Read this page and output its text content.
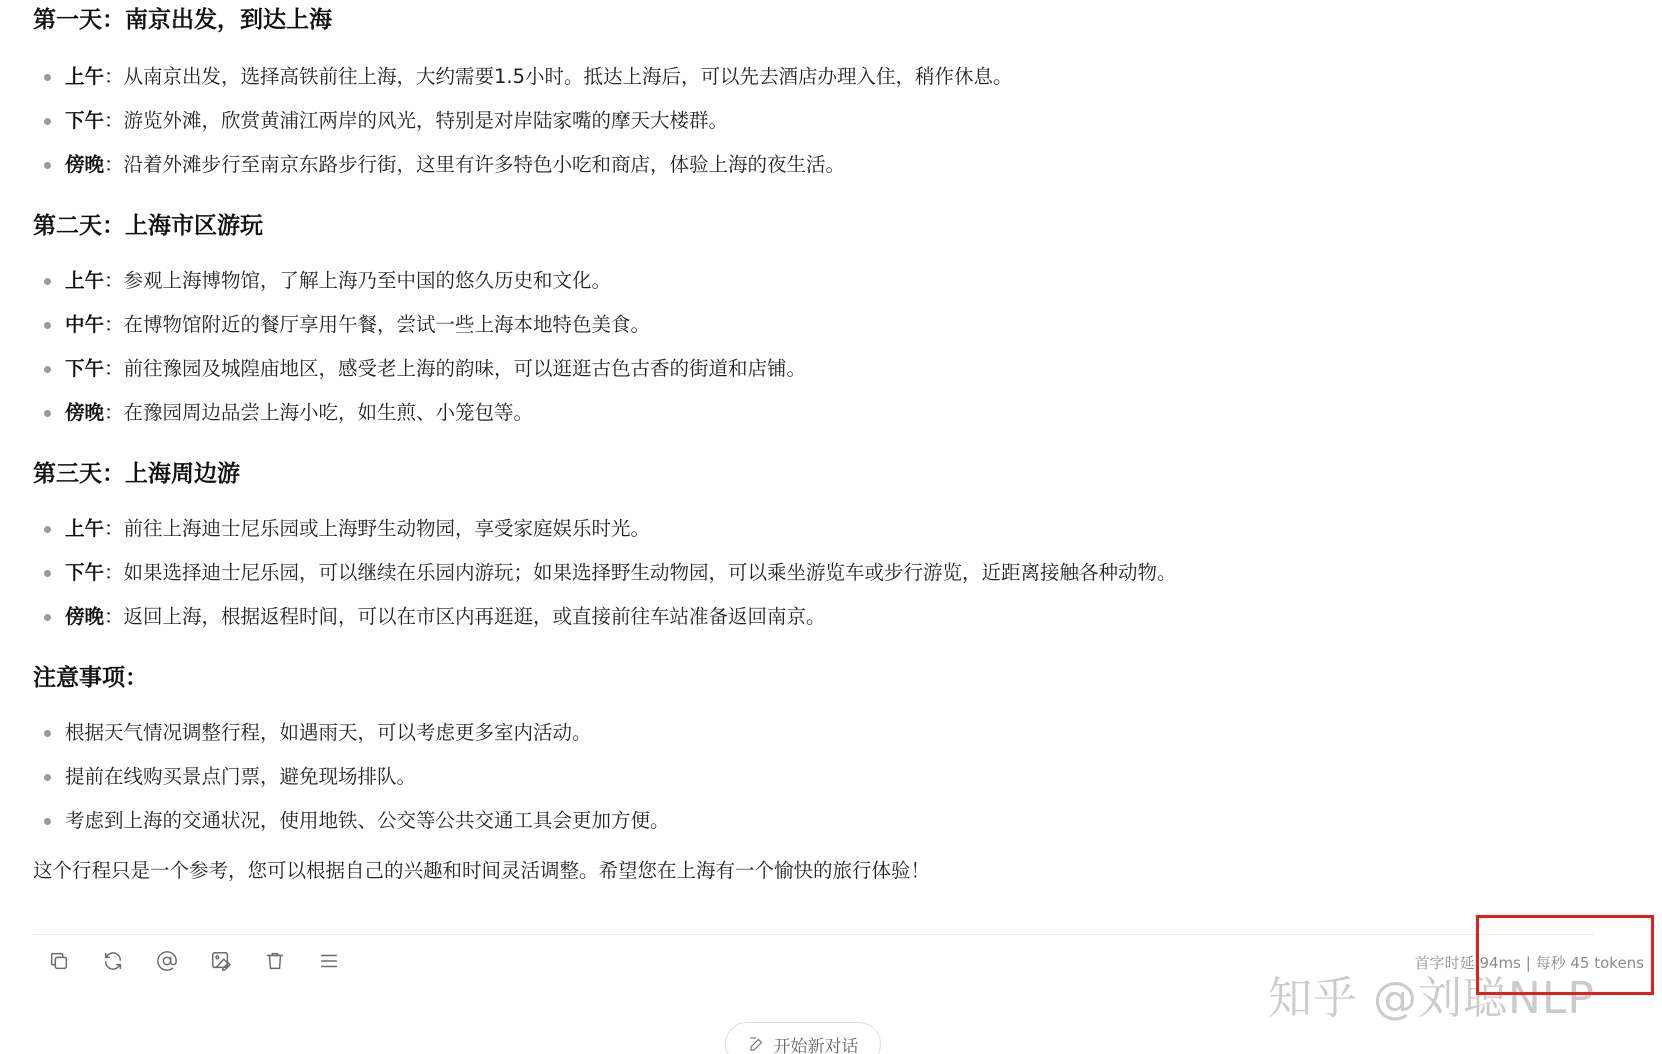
第一天：南京出发，到达上海
上午：从南京出发，选择高铁前往上海，大约需要1.5小时。抵达上海后，可以先去酒店办理入住，稍作休息。
下午：游览外滩，欣赏黄浦江两岸的风光，特别是对岸陆家嘴的摩天大楼群。
傍晚：沿着外滩步行至南京东路步行街，这里有许多特色小吃和商店，体验上海的夜生活。
第二天：上海市区游玩
上午：参观上海博物馆，了解上海乃至中国的悠久历史和文化。
中午：在博物馆附近的餐厅享用午餐，尝试一些上海本地特色美食。
下午：前往豫园及城隍庙地区，感受老上海的韵味，可以逛逛古色古香的街道和店铺。
傍晚：在豫园周边品尝上海小吃，如生煎、小笼包等。
第三天：上海周边游
上午：前往上海迪士尼乐园或上海野生动物园，享受家庭娱乐时光。
下午：如果选择迪士尼乐园，可以继续在乐园内游玩；如果选择野生动物园，可以乘坐游览车或步行游览，近距离接触各种动物。
傍晚：返回上海，根据返程时间，可以在市区内再逛逛，或直接前往车站准备返回南京。
注意事项：
根据天气情况调整行程，如遇雨天，可以考虑更多室内活动。
提前在线购买景点门票，避免现场排队。
考虑到上海的交通状况，使用地铁、公交等公共交通工具会更加方便。
这个行程只是一个参考，您可以根据自己的兴趣和时间灵活调整。希望您在上海有一个愉快的旅行体验！
首字时延 94ms | 每秒 45 tokens
知乎 @刘聪NLP
开始新对话
